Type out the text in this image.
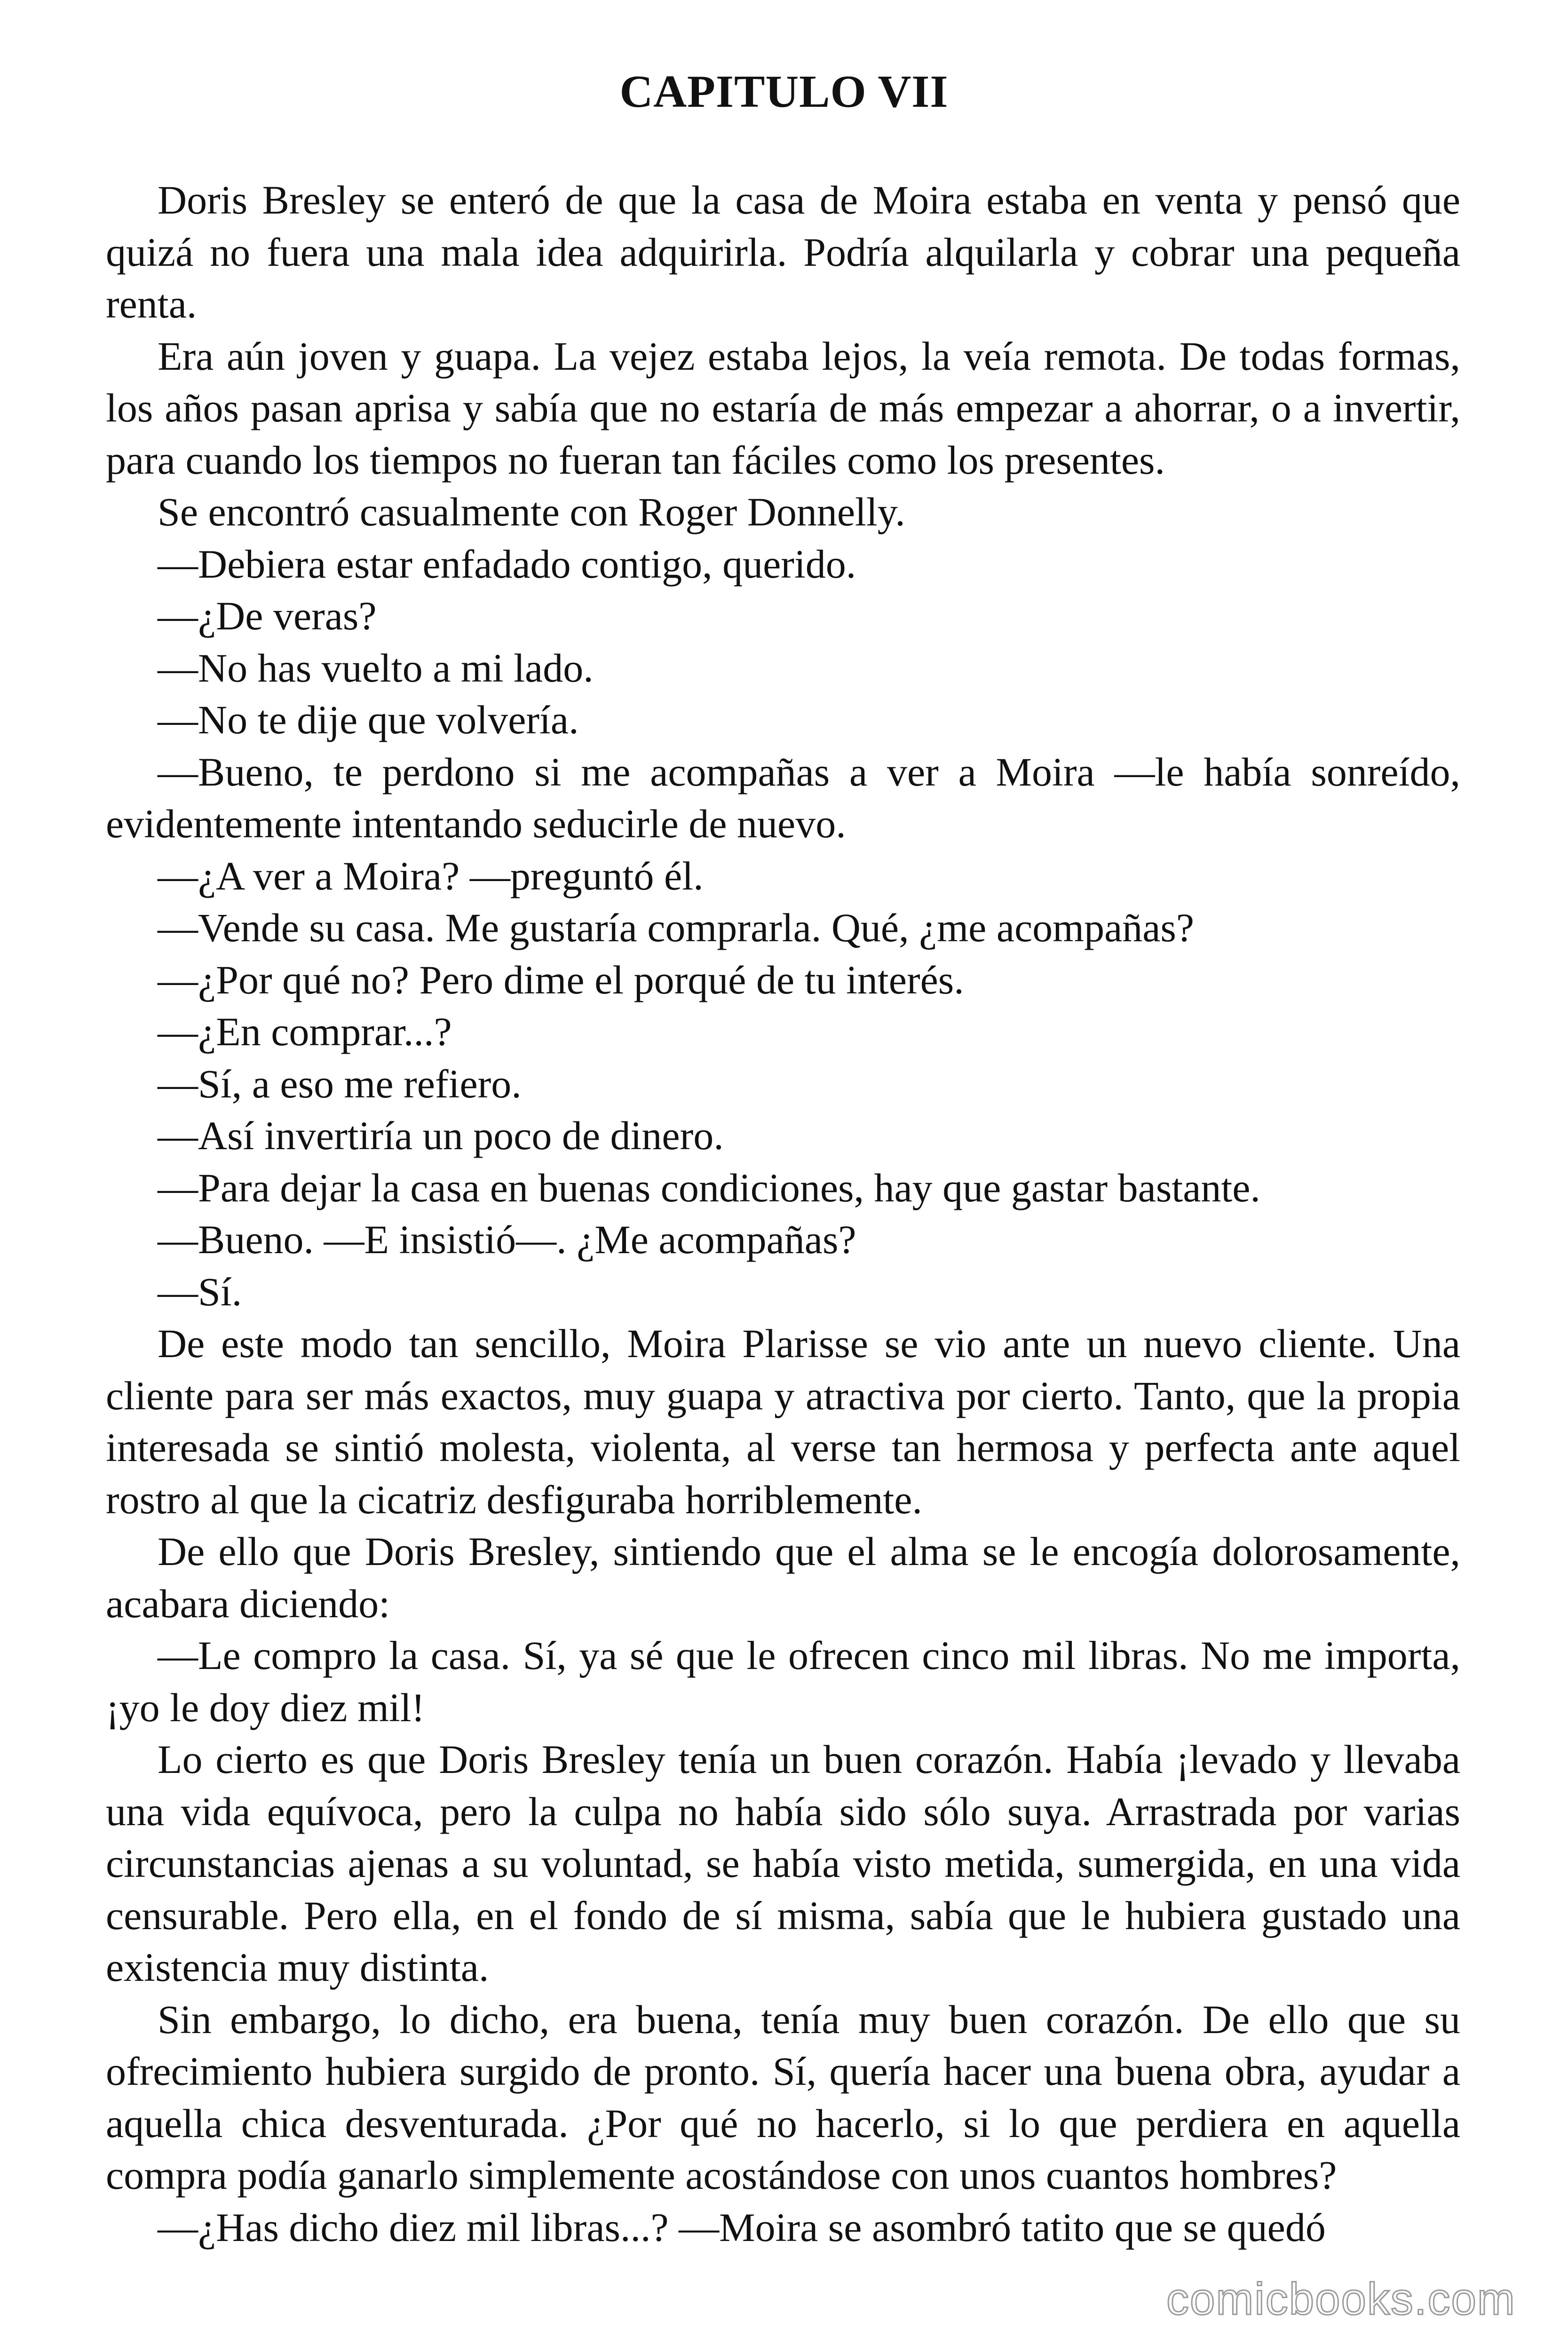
CAPITULO VII

Doris Bresley se enteró de que la casa de Moira estaba en venta y pensó que quizá no fuera una mala idea adquirirla. Podría alquilarla y cobrar una pequeña renta.

Era aún joven y guapa. La vejez estaba lejos, la veía remota. De todas formas, los años pasan aprisa y sabía que no estaría de más empezar a ahorrar, o a invertir, para cuando los tiempos no fueran tan fáciles como los presentes.

Se encontró casualmente con Roger Donnelly.

—Debiera estar enfadado contigo, querido.

—¿De veras?

—No has vuelto a mi lado.

—No te dije que volvería.

—Bueno, te perdono si me acompañas a ver a Moira —le había sonreído, evidentemente intentando seducirle de nuevo.

—¿A ver a Moira? —preguntó él.

—Vende su casa. Me gustaría comprarla. Qué, ¿me acompañas?

—¿Por qué no? Pero dime el porqué de tu interés.

—¿En comprar...?

—Sí, a eso me refiero.

—Así invertiría un poco de dinero.

—Para dejar la casa en buenas condiciones, hay que gastar bastante.

—Bueno. —E insistió—. ¿Me acompañas?

—Sí.

De este modo tan sencillo, Moira Plarisse se vio ante un nuevo cliente. Una cliente para ser más exactos, muy guapa y atractiva por cierto. Tanto, que la propia interesada se sintió molesta, violenta, al verse tan hermosa y perfecta ante aquel rostro al que la cicatriz desfiguraba horriblemente.

De ello que Doris Bresley, sintiendo que el alma se le encogía dolorosamente, acabara diciendo:

—Le compro la casa. Sí, ya sé que le ofrecen cinco mil libras. No me importa, ¡yo le doy diez mil!

Lo cierto es que Doris Bresley tenía un buen corazón. Había ¡levado y llevaba una vida equívoca, pero la culpa no había sido sólo suya. Arrastrada por varias circunstancias ajenas a su voluntad, se había visto metida, sumergida, en una vida censurable. Pero ella, en el fondo de sí misma, sabía que le hubiera gustado una existencia muy distinta.

Sin embargo, lo dicho, era buena, tenía muy buen corazón. De ello que su ofrecimiento hubiera surgido de pronto. Sí, quería hacer una buena obra, ayudar a aquella chica desventurada. ¿Por qué no hacerlo, si lo que perdiera en aquella compra podía ganarlo simplemente acostándose con unos cuantos hombres?

—¿Has dicho diez mil libras...? —Moira se asombró tatito que se quedó

comicbooks.com
